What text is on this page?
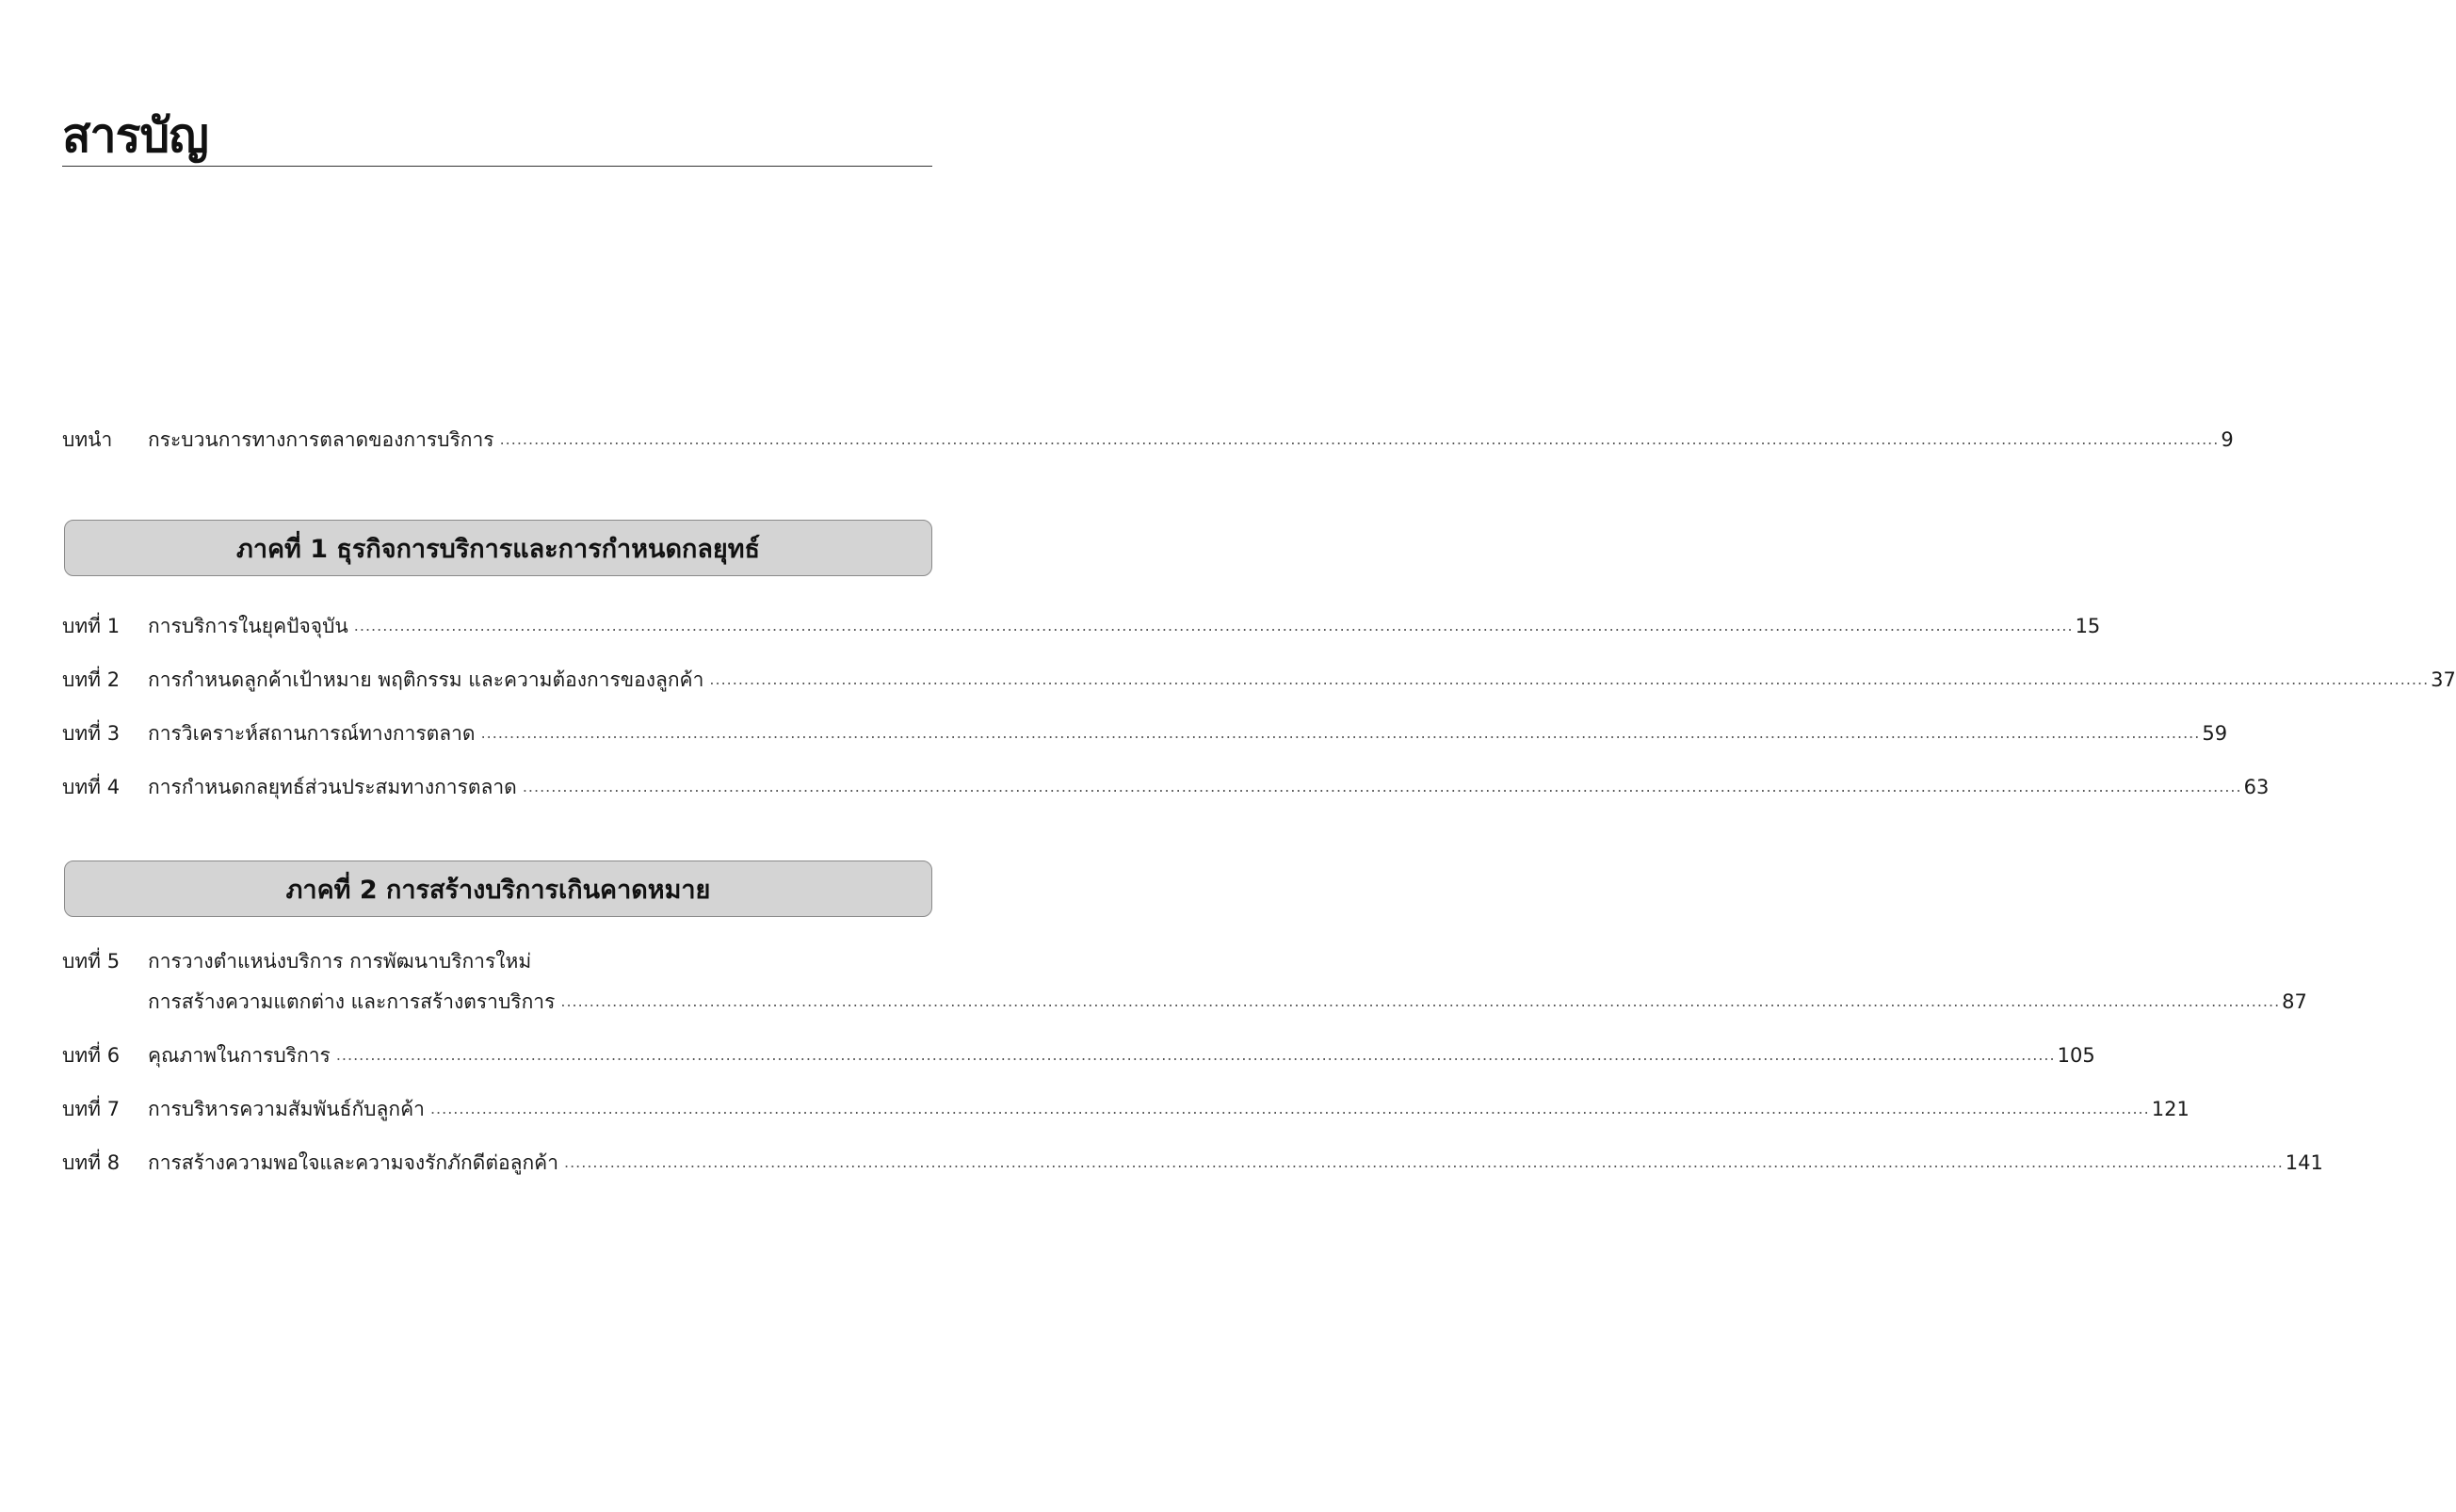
สารบัญ
บทนำ	กระบวนการทางการตลาดของการบริการ ............................................................................................................................................................................................................................................................................................................ 9
ภาคที่ 1 ธุรกิจการบริการและการกำหนดกลยุทธ์
บทที่ 1	การบริการในยุคปัจจุบัน ............................................................................................................................................................................................................................................................................................................ 15
บทที่ 2	การกำหนดลูกค้าเป้าหมาย พฤติกรรม และความต้องการของลูกค้า ............................................................................................................................................................................................................................................................................................................ 37
บทที่ 3	การวิเคราะห์สถานการณ์ทางการตลาด ............................................................................................................................................................................................................................................................................................................ 59
บทที่ 4	การกำหนดกลยุทธ์ส่วนประสมทางการตลาด ............................................................................................................................................................................................................................................................................................................ 63
ภาคที่ 2 การสร้างบริการเกินคาดหมาย
บทที่ 5	การวางตำแหน่งบริการ การพัฒนาบริการใหม่
การสร้างความแตกต่าง และการสร้างตราบริการ ............................................................................................................................................................................................................................................................................................................ 87
บทที่ 6	คุณภาพในการบริการ ............................................................................................................................................................................................................................................................................................................ 105
บทที่ 7	การบริหารความสัมพันธ์กับลูกค้า ............................................................................................................................................................................................................................................................................................................ 121
บทที่ 8	การสร้างความพอใจและความจงรักภักดีต่อลูกค้า ............................................................................................................................................................................................................................................................................................................ 141
